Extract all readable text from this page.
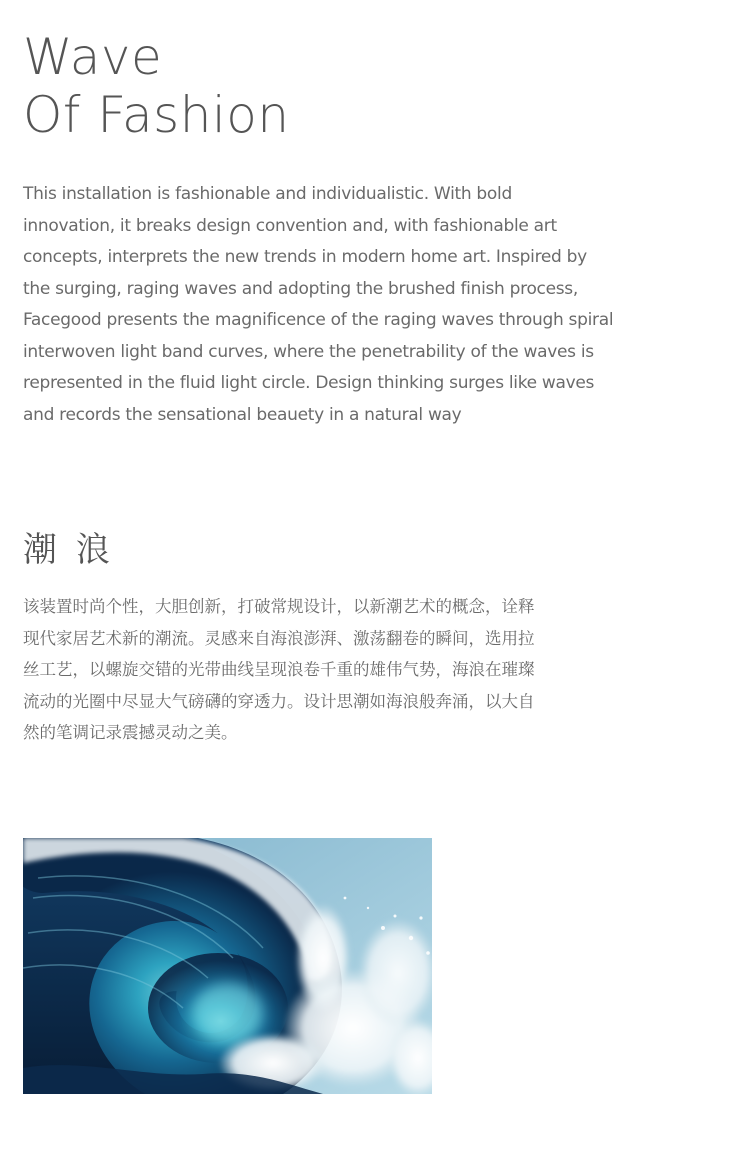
Wave
Of Fashion

This installation is fashionable and individualistic. With bold
innovation, it breaks design convention and, with fashionable art
concepts, interprets the new trends in modern home art. Inspired by
the surging, raging waves and adopting the brushed finish process,
Facegood presents the magnificence of the raging waves through spiral
interwoven light band curves, where the penetrability of the waves is
represented in the fluid light circle. Design thinking surges like waves
and records the sensational beauety in a natural way

潮 浪

该装置时尚个性，大胆创新，打破常规设计，以新潮艺术的概念，诠释
现代家居艺术新的潮流。灵感来自海浪澎湃、激荡翻卷的瞬间，选用拉
丝工艺，以螺旋交错的光带曲线呈现浪卷千重的雄伟气势，海浪在璀璨
流动的光圈中尽显大气磅礴的穿透力。设计思潮如海浪般奔涌，以大自
然的笔调记录震撼灵动之美。
